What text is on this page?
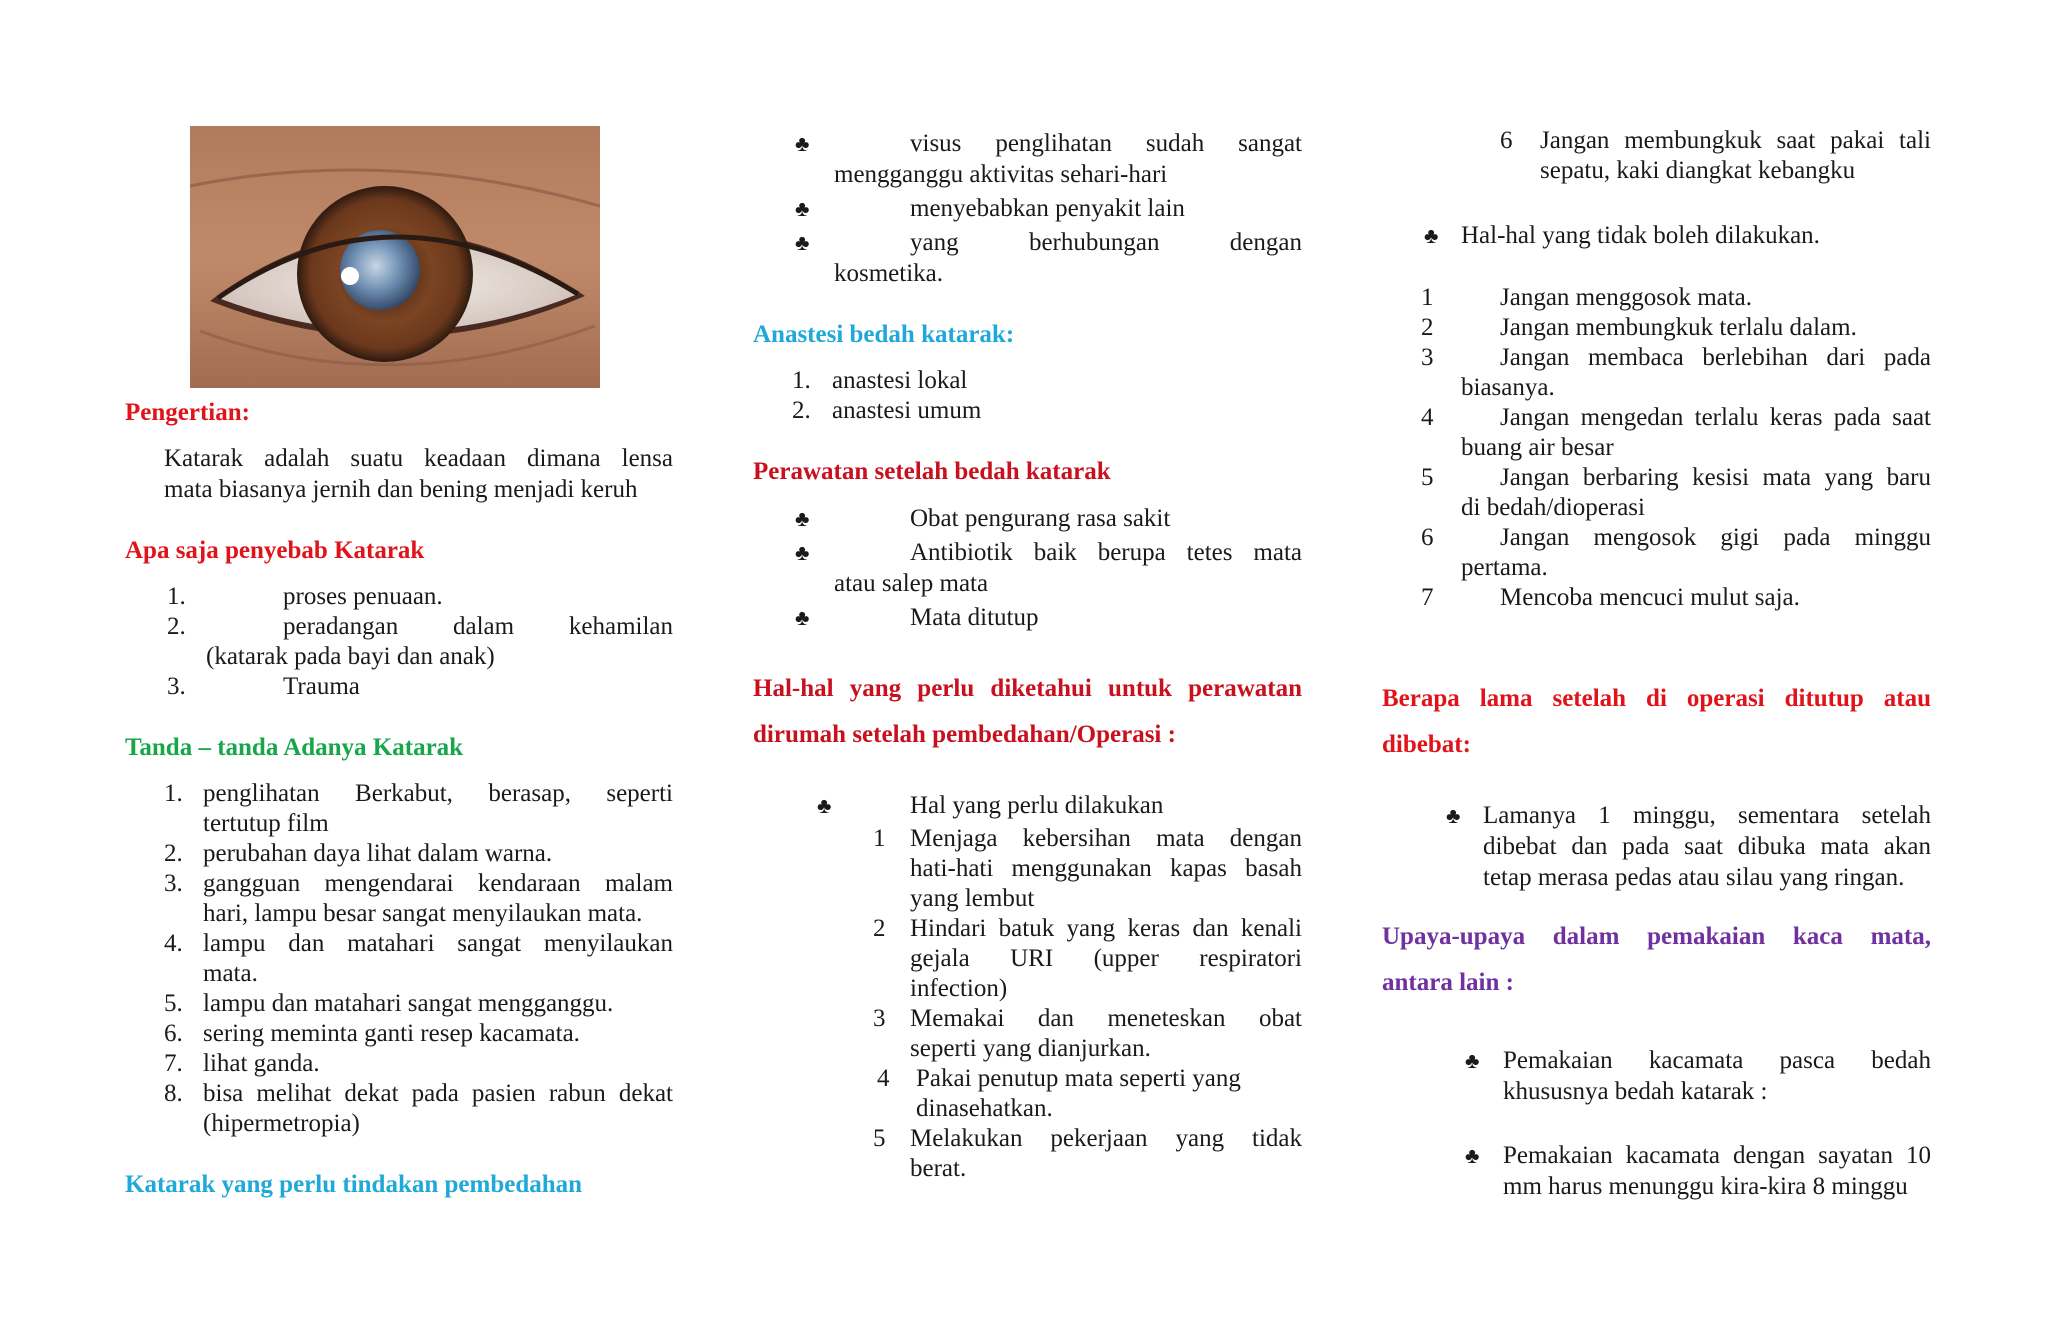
Pengertian:
Katarak adalah suatu keadaan dimana lensa
mata biasanya jernih dan bening menjadi keruh
Apa saja penyebab Katarak
1.	proses penuaan.
2.	peradangan dalam kehamilan
(katarak pada bayi dan anak)
3.	Trauma
Tanda – tanda Adanya Katarak
1. penglihatan Berkabut, berasap, seperti
tertutup film
2. perubahan daya lihat dalam warna.
3. gangguan mengendarai kendaraan malam
hari, lampu besar sangat menyilaukan mata.
4. lampu dan matahari sangat menyilaukan
mata.
5. lampu dan matahari sangat mengganggu.
6. sering meminta ganti resep kacamata.
7. lihat ganda.
8. bisa melihat dekat pada pasien rabun dekat
(hipermetropia)
Katarak yang perlu tindakan pembedahan
♣	visus penglihatan sudah sangat
mengganggu aktivitas sehari-hari
♣	menyebabkan penyakit lain
♣	yang berhubungan dengan
kosmetika.
Anastesi bedah katarak:
1. anastesi lokal
2. anastesi umum
Perawatan setelah bedah katarak
♣	Obat pengurang rasa sakit
♣	Antibiotik baik berupa tetes mata
atau salep mata
♣	Mata ditutup
Hal-hal yang perlu diketahui untuk perawatan
dirumah setelah pembedahan/Operasi :
♣	Hal yang perlu dilakukan
1 Menjaga kebersihan mata dengan
hati-hati menggunakan kapas basah
yang lembut
2 Hindari batuk yang keras dan kenali
gejala URI (upper respiratori
infection)
3 Memakai dan meneteskan obat
seperti yang dianjurkan.
4 Pakai penutup mata seperti yang
dinasehatkan.
5 Melakukan pekerjaan yang tidak
berat.
6 Jangan membungkuk saat pakai tali
sepatu, kaki diangkat kebangku
♣ Hal-hal yang tidak boleh dilakukan.
1	Jangan menggosok mata.
2	Jangan membungkuk terlalu dalam.
3	Jangan membaca berlebihan dari pada
biasanya.
4	Jangan mengedan terlalu keras pada saat
buang air besar
5	Jangan berbaring kesisi mata yang baru
di bedah/dioperasi
6	Jangan mengosok gigi pada minggu
pertama.
7	Mencoba mencuci mulut saja.
Berapa lama setelah di operasi ditutup atau
dibebat:
♣ Lamanya 1 minggu, sementara setelah
dibebat dan pada saat dibuka mata akan
tetap merasa pedas atau silau yang ringan.
Upaya-upaya dalam pemakaian kaca mata,
antara lain :
♣ Pemakaian kacamata pasca bedah
khususnya bedah katarak :
♣ Pemakaian kacamata dengan sayatan 10
mm harus menunggu kira-kira 8 minggu
